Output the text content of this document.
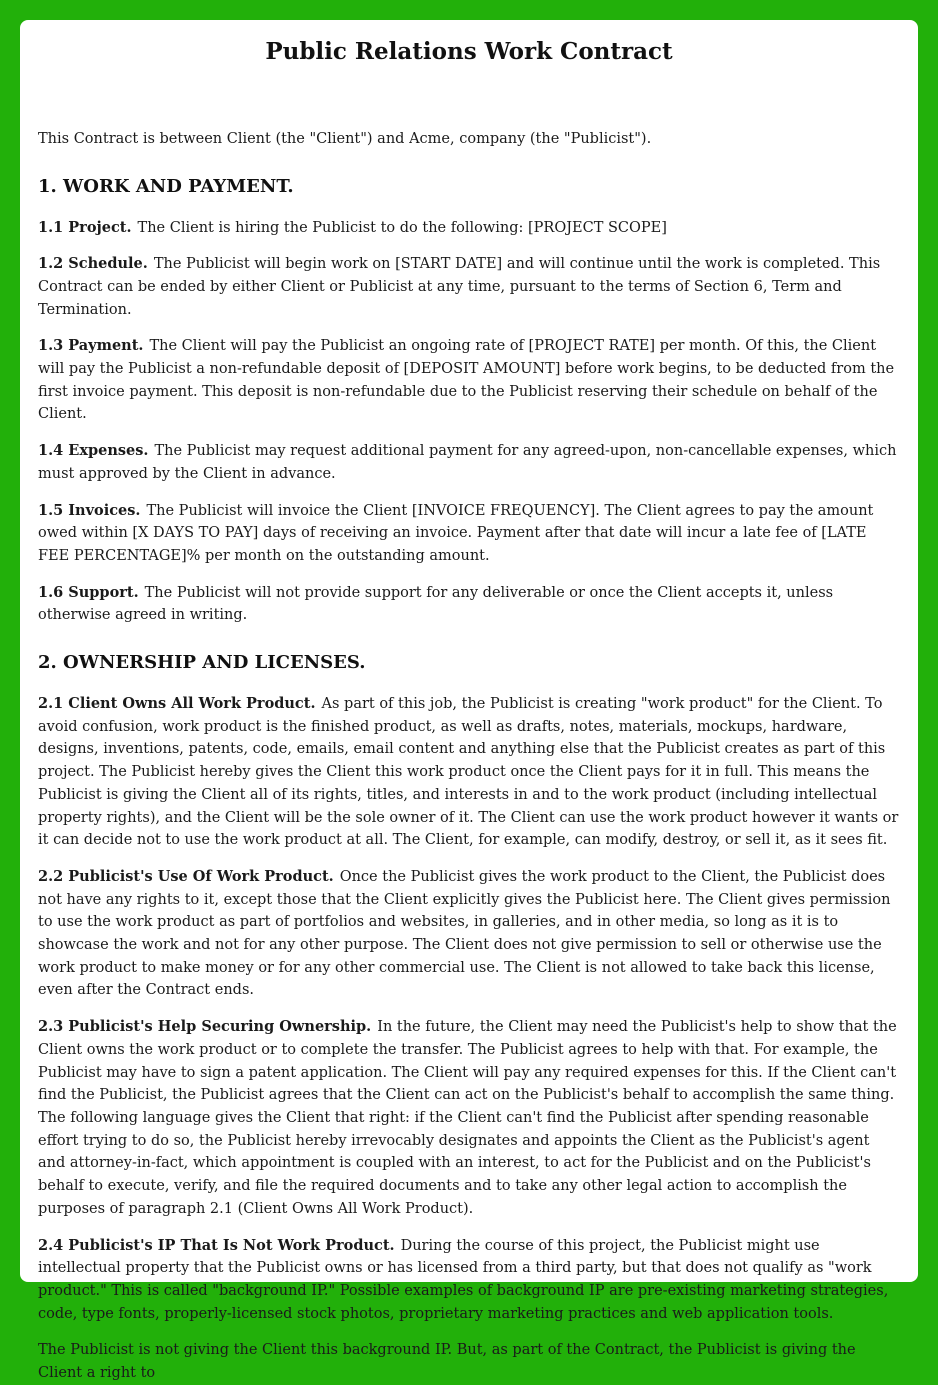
Public Relations Work Contract

This Contract is between Client (the "Client") and Acme, company (the "Publicist").

1. WORK AND PAYMENT.

1.1 Project. The Client is hiring the Publicist to do the following: [PROJECT SCOPE]

1.2 Schedule. The Publicist will begin work on [START DATE] and will continue until the work is completed. This Contract can be ended by either Client or Publicist at any time, pursuant to the terms of Section 6, Term and Termination.

1.3 Payment. The Client will pay the Publicist an ongoing rate of [PROJECT RATE] per month. Of this, the Client will pay the Publicist a non-refundable deposit of [DEPOSIT AMOUNT] before work begins, to be deducted from the first invoice payment. This deposit is non-refundable due to the Publicist reserving their schedule on behalf of the Client.

1.4 Expenses. The Publicist may request additional payment for any agreed-upon, non-cancellable expenses, which must approved by the Client in advance.

1.5 Invoices. The Publicist will invoice the Client [INVOICE FREQUENCY]. The Client agrees to pay the amount owed within [X DAYS TO PAY] days of receiving an invoice. Payment after that date will incur a late fee of [LATE FEE PERCENTAGE]% per month on the outstanding amount.

1.6 Support. The Publicist will not provide support for any deliverable or once the Client accepts it, unless otherwise agreed in writing.

2. OWNERSHIP AND LICENSES.

2.1 Client Owns All Work Product. As part of this job, the Publicist is creating "work product" for the Client. To avoid confusion, work product is the finished product, as well as drafts, notes, materials, mockups, hardware, designs, inventions, patents, code, emails, email content and anything else that the Publicist creates as part of this project. The Publicist hereby gives the Client this work product once the Client pays for it in full. This means the Publicist is giving the Client all of its rights, titles, and interests in and to the work product (including intellectual property rights), and the Client will be the sole owner of it. The Client can use the work product however it wants or it can decide not to use the work product at all. The Client, for example, can modify, destroy, or sell it, as it sees fit.

2.2 Publicist's Use Of Work Product. Once the Publicist gives the work product to the Client, the Publicist does not have any rights to it, except those that the Client explicitly gives the Publicist here. The Client gives permission to use the work product as part of portfolios and websites, in galleries, and in other media, so long as it is to showcase the work and not for any other purpose. The Client does not give permission to sell or otherwise use the work product to make money or for any other commercial use. The Client is not allowed to take back this license, even after the Contract ends.

2.3 Publicist's Help Securing Ownership. In the future, the Client may need the Publicist's help to show that the Client owns the work product or to complete the transfer. The Publicist agrees to help with that. For example, the Publicist may have to sign a patent application. The Client will pay any required expenses for this. If the Client can't find the Publicist, the Publicist agrees that the Client can act on the Publicist's behalf to accomplish the same thing. The following language gives the Client that right: if the Client can't find the Publicist after spending reasonable effort trying to do so, the Publicist hereby irrevocably designates and appoints the Client as the Publicist's agent and attorney-in-fact, which appointment is coupled with an interest, to act for the Publicist and on the Publicist's behalf to execute, verify, and file the required documents and to take any other legal action to accomplish the purposes of paragraph 2.1 (Client Owns All Work Product).

2.4 Publicist's IP That Is Not Work Product. During the course of this project, the Publicist might use intellectual property that the Publicist owns or has licensed from a third party, but that does not qualify as "work product." This is called "background IP." Possible examples of background IP are pre-existing marketing strategies, code, type fonts, properly-licensed stock photos, proprietary marketing practices and web application tools.

The Publicist is not giving the Client this background IP. But, as part of the Contract, the Publicist is giving the Client a right to
